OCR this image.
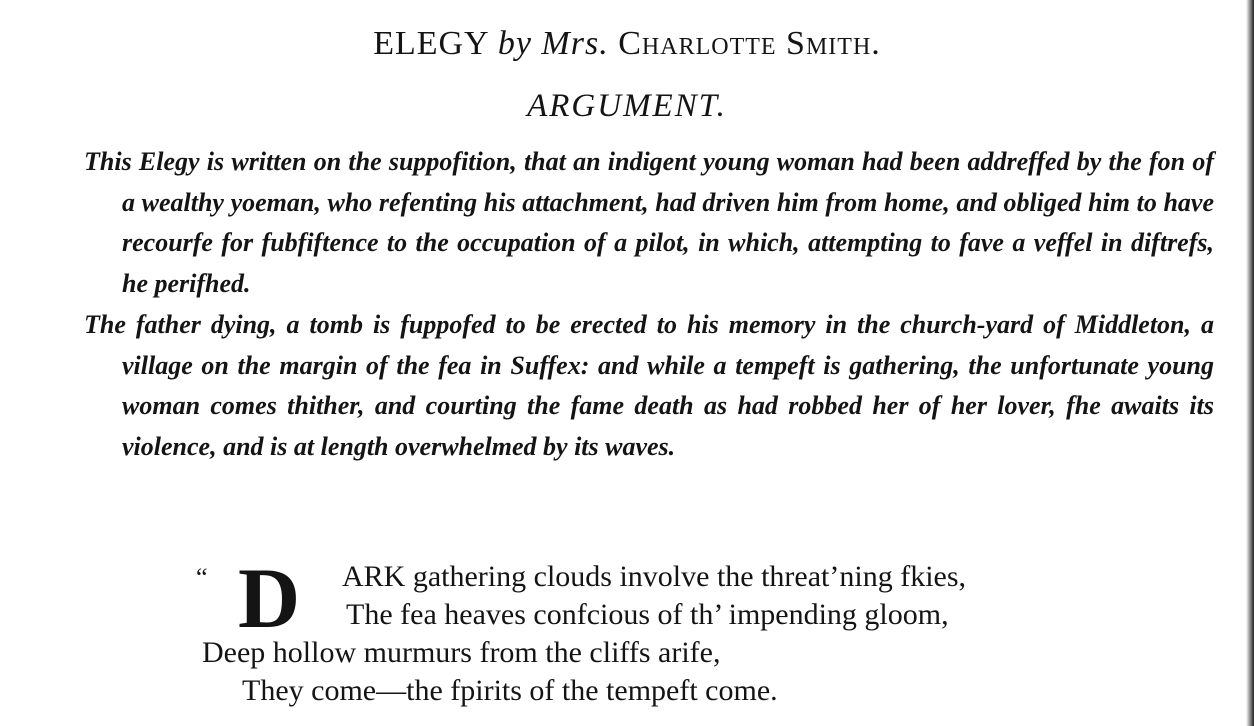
ELEGY by Mrs. Charlotte Smith.
ARGUMENT.

This Elegy is written on the suppofition, that an indigent young woman had been addreffed by the fon of a wealthy yoeman, who refenting his attachment, had driven him from home, and obliged him to have recourfe for fubfiftence to the occupation of a pilot, in which, attempting to fave a veffel in diftrefs, he perifhed.

The father dying, a tomb is fuppofed to be erected to his memory in the church-yard of Middleton, a village on the margin of the fea in Suffex: and while a tempeft is gathering, the unfortunate young woman comes thither, and courting the fame death as had robbed her of her lover, fhe awaits its violence, and is at length overwhelmed by its waves.

D
“	ARK gathering clouds involve the threat’ning fkies,
The fea heaves confcious of th’ impending gloom,
Deep hollow murmurs from the cliffs arife,
They come—the fpirits of the tempeft come.
